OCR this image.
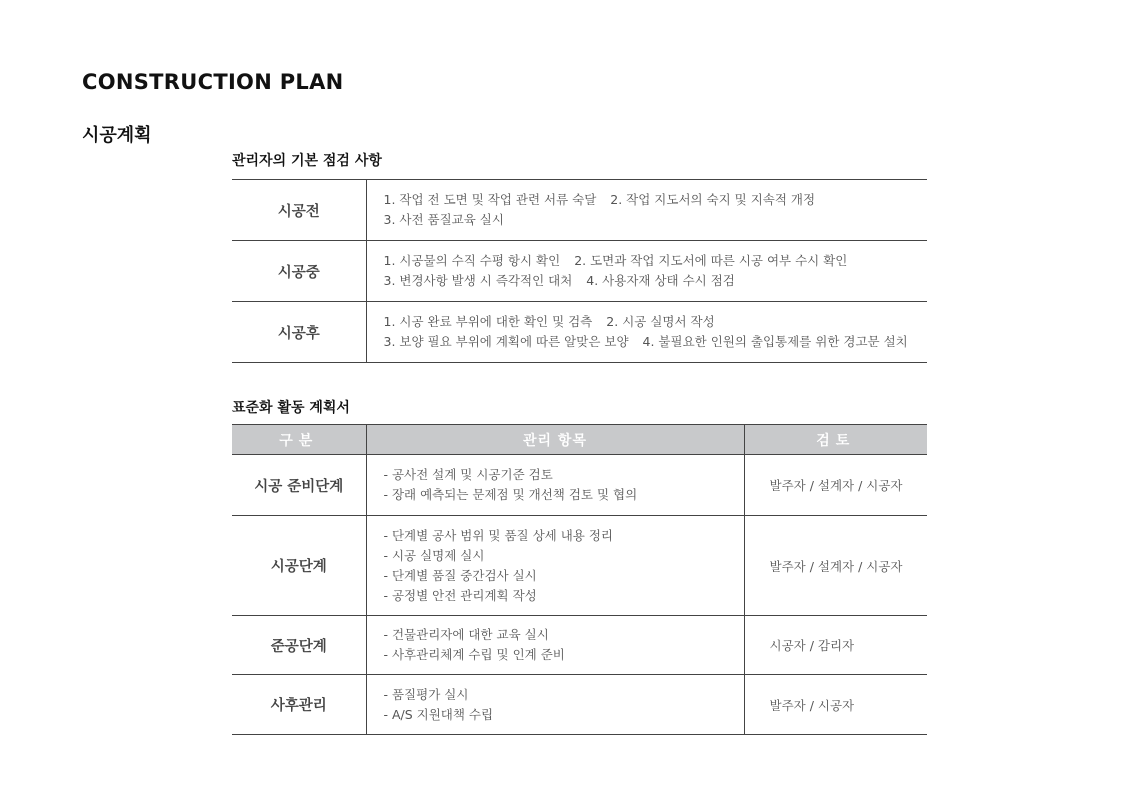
CONSTRUCTION PLAN
시공계획
관리자의 기본 점검 사항
시공전	1. 작업 전 도면 및 작업 관련 서류 숙달 2. 작업 지도서의 숙지 및 지속적 개정
3. 사전 품질교육 실시

시공중	1. 시공물의 수직 수평 항시 확인 2. 도면과 작업 지도서에 따른 시공 여부 수시 확인
3. 변경사항 발생 시 즉각적인 대처 4. 사용자재 상태 수시 점검

시공후	1. 시공 완료 부위에 대한 확인 및 검측 2. 시공 실명서 작성
3. 보양 필요 부위에 계획에 따른 알맞은 보양 4. 불필요한 인원의 출입통제를 위한 경고문 설치
표준화 활동 계획서
구분	관리 항목	검토
시공 준비단계	- 공사전 설계 및 시공기준 검토
- 장래 예측되는 문제점 및 개선책 검토 및 협의	발주자 / 설계자 / 시공자
시공단계	- 단계별 공사 범위 및 품질 상세 내용 정리
- 시공 실명제 실시
- 단계별 품질 중간검사 실시
- 공정별 안전 관리계획 작성	발주자 / 설계자 / 시공자
준공단계	- 건물관리자에 대한 교육 실시
- 사후관리체계 수립 및 인계 준비	시공자 / 감리자
사후관리	- 품질평가 실시
- A/S 지원대책 수립	발주자 / 시공자
